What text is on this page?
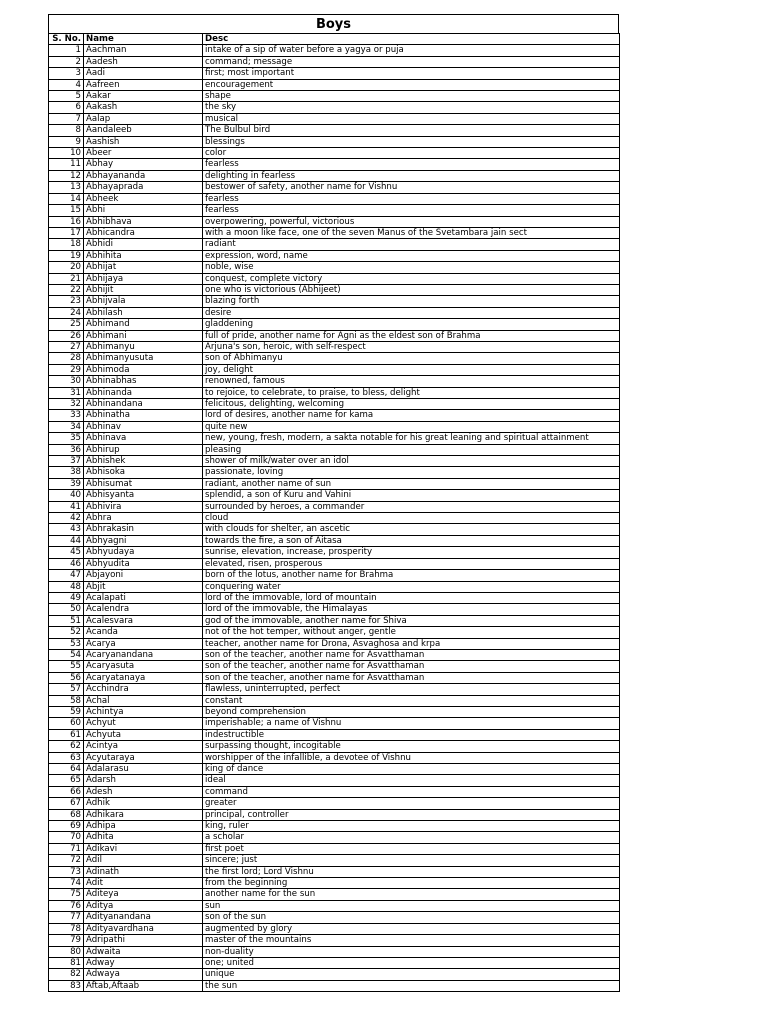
Boys
S. No.	Name	Desc
1	Aachman	intake of a sip of water before a yagya or puja
2	Aadesh	command; message
3	Aadi	first; most important
4	Aafreen	encouragement
5	Aakar	shape
6	Aakash	the sky
7	Aalap	musical
8	Aandaleeb	The Bulbul bird
9	Aashish	blessings
10	Abeer	color
11	Abhay	fearless
12	Abhayananda	delighting in fearless
13	Abhayaprada	bestower of safety, another name for Vishnu
14	Abheek	fearless
15	Abhi	fearless
16	Abhibhava	overpowering, powerful, victorious
17	Abhicandra	with a moon like face, one of the seven Manus of the Svetambara jain sect
18	Abhidi	radiant
19	Abhihita	expression, word, name
20	Abhijat	noble, wise
21	Abhijaya	conquest, complete victory
22	Abhijit	one who is victorious (Abhijeet)
23	Abhijvala	blazing forth
24	Abhilash	desire
25	Abhimand	gladdening
26	Abhimani	full of pride, another name for Agni as the eldest son of Brahma
27	Abhimanyu	Arjuna's son, heroic, with self-respect
28	Abhimanyusuta	son of Abhimanyu
29	Abhimoda	joy, delight
30	Abhinabhas	renowned, famous
31	Abhinanda	to rejoice, to celebrate, to praise, to bless, delight
32	Abhinandana	felicitous, delighting, welcoming
33	Abhinatha	lord of desires, another name for kama
34	Abhinav	quite new
35	Abhinava	new, young, fresh, modern, a sakta notable for his great leaning and spiritual attainment
36	Abhirup	pleasing
37	Abhishek	shower of milk/water over an idol
38	Abhisoka	passionate, loving
39	Abhisumat	radiant, another name of sun
40	Abhisyanta	splendid, a son of Kuru and Vahini
41	Abhivira	surrounded by heroes, a commander
42	Abhra	cloud
43	Abhrakasin	with clouds for shelter, an ascetic
44	Abhyagni	towards the fire, a son of Aitasa
45	Abhyudaya	sunrise, elevation, increase, prosperity
46	Abhyudita	elevated, risen, prosperous
47	Abjayoni	born of the lotus, another name for Brahma
48	Abjit	conquering water
49	Acalapati	lord of the immovable, lord of mountain
50	Acalendra	lord of the immovable, the Himalayas
51	Acalesvara	god of the immovable, another name for Shiva
52	Acanda	not of the hot temper, without anger, gentle
53	Acarya	teacher, another name for Drona, Asvaghosa and krpa
54	Acaryanandana	son of the teacher, another name for Asvatthaman
55	Acaryasuta	son of the teacher, another name for Asvatthaman
56	Acaryatanaya	son of the teacher, another name for Asvatthaman
57	Acchindra	flawless, uninterrupted, perfect
58	Achal	constant
59	Achintya	beyond comprehension
60	Achyut	imperishable; a name of Vishnu
61	Achyuta	indestructible
62	Acintya	surpassing thought, incogitable
63	Acyutaraya	worshipper of the infallible, a devotee of Vishnu
64	Adalarasu	king of dance
65	Adarsh	ideal
66	Adesh	command
67	Adhik	greater
68	Adhikara	principal, controller
69	Adhipa	king, ruler
70	Adhita	a scholar
71	Adikavi	first poet
72	Adil	sincere; just
73	Adinath	the first lord; Lord Vishnu
74	Adit	from the beginning
75	Aditeya	another name for the sun
76	Aditya	sun
77	Adityanandana	son of the sun
78	Adityavardhana	augmented by glory
79	Adripathi	master of the mountains
80	Adwaita	non-duality
81	Adway	one; united
82	Adwaya	unique
83	Aftab,Aftaab	the sun
